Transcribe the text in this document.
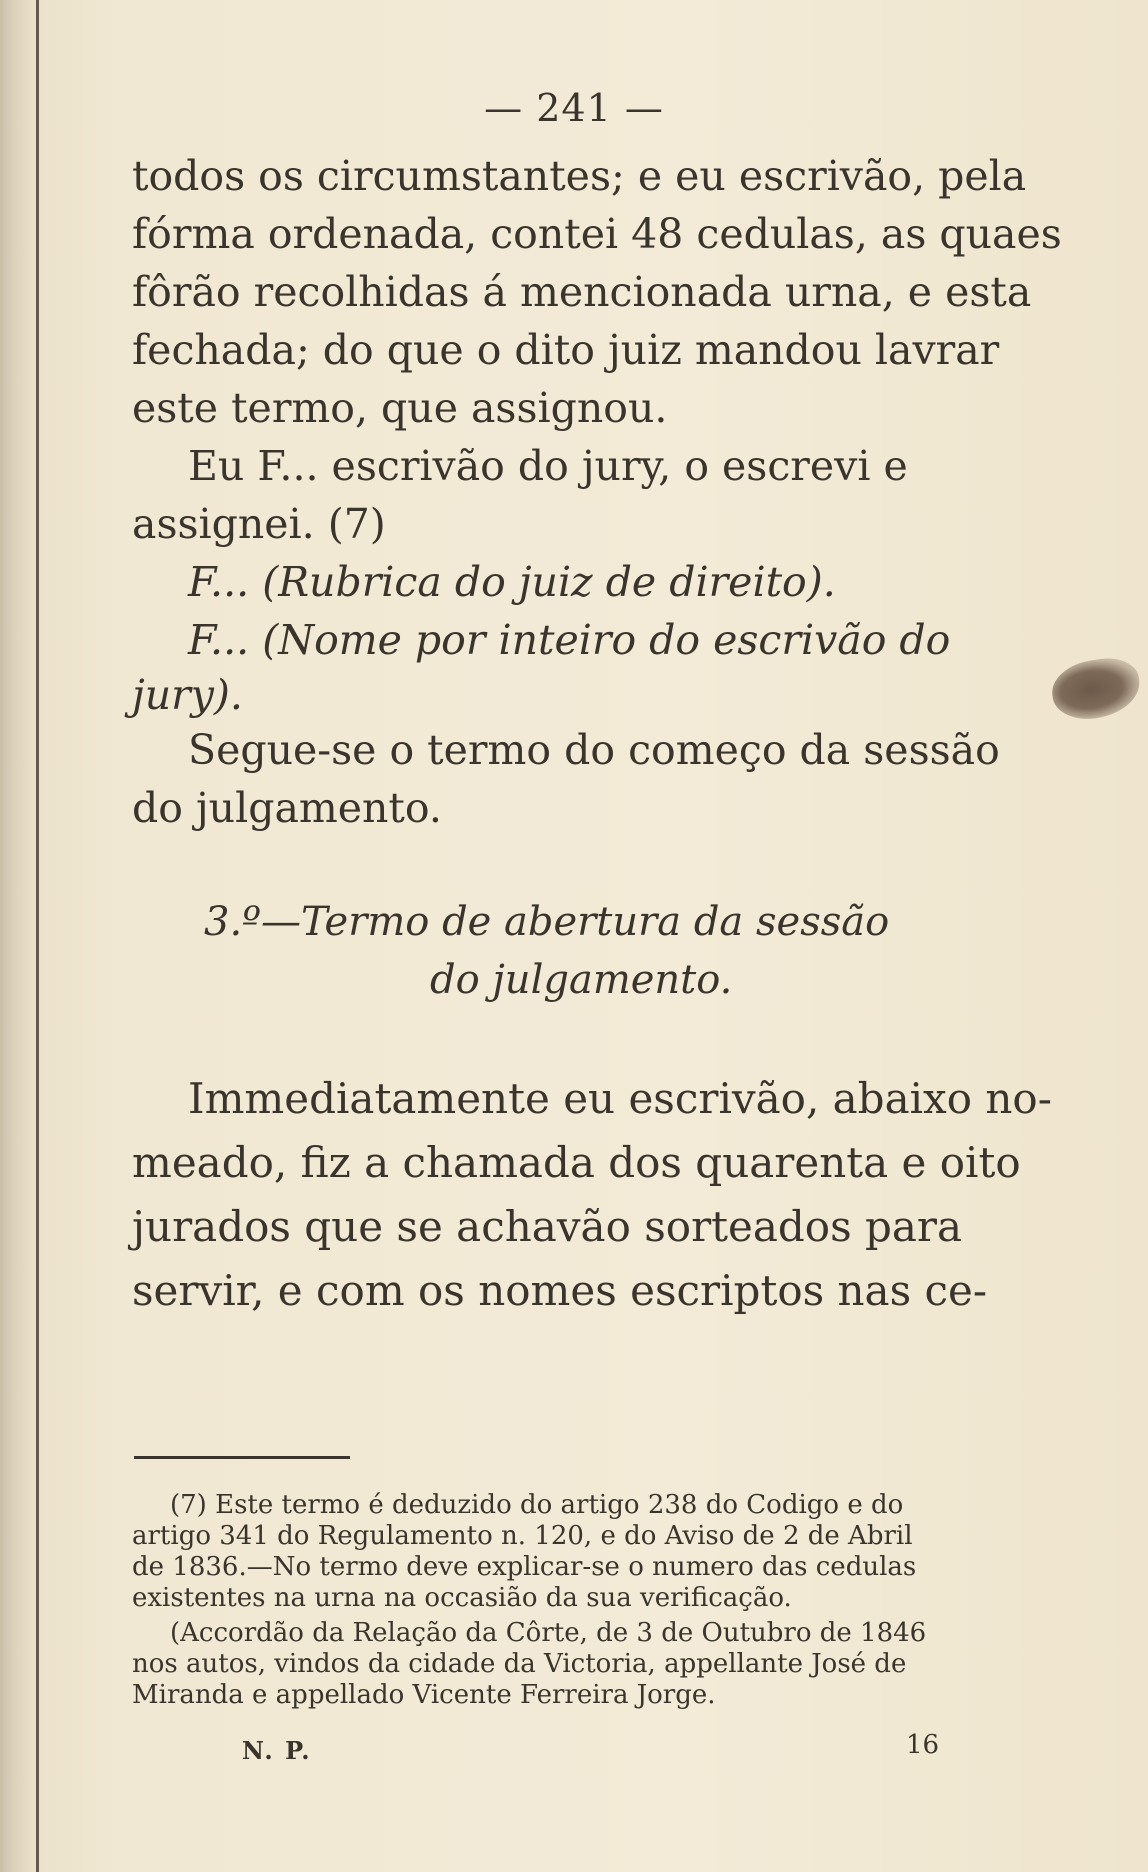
— 241 —
todos os circumstantes; e eu escrivão, pela
fórma ordenada, contei 48 cedulas, as quaes
fôrão recolhidas á mencionada urna, e esta
fechada; do que o dito juiz mandou lavrar
este termo, que assignou.
Eu F... escrivão do jury, o escrevi e
assignei. (7)
F... (Rubrica do juiz de direito).
F... (Nome por inteiro do escrivão do
jury).
Segue-se o termo do começo da sessão
do julgamento.
3.º—Termo de abertura da sessão
do julgamento.
Immediatamente eu escrivão, abaixo no-
meado, fiz a chamada dos quarenta e oito
jurados que se achavão sorteados para
servir, e com os nomes escriptos nas ce-
(7) Este termo é deduzido do artigo 238 do Codigo e do
artigo 341 do Regulamento n. 120, e do Aviso de 2 de Abril
de 1836.—No termo deve explicar-se o numero das cedulas
existentes na urna na occasião da sua verificação.
(Accordão da Relação da Côrte, de 3 de Outubro de 1846
nos autos, vindos da cidade da Victoria, appellante José de
Miranda e appellado Vicente Ferreira Jorge.
N. P.	16
